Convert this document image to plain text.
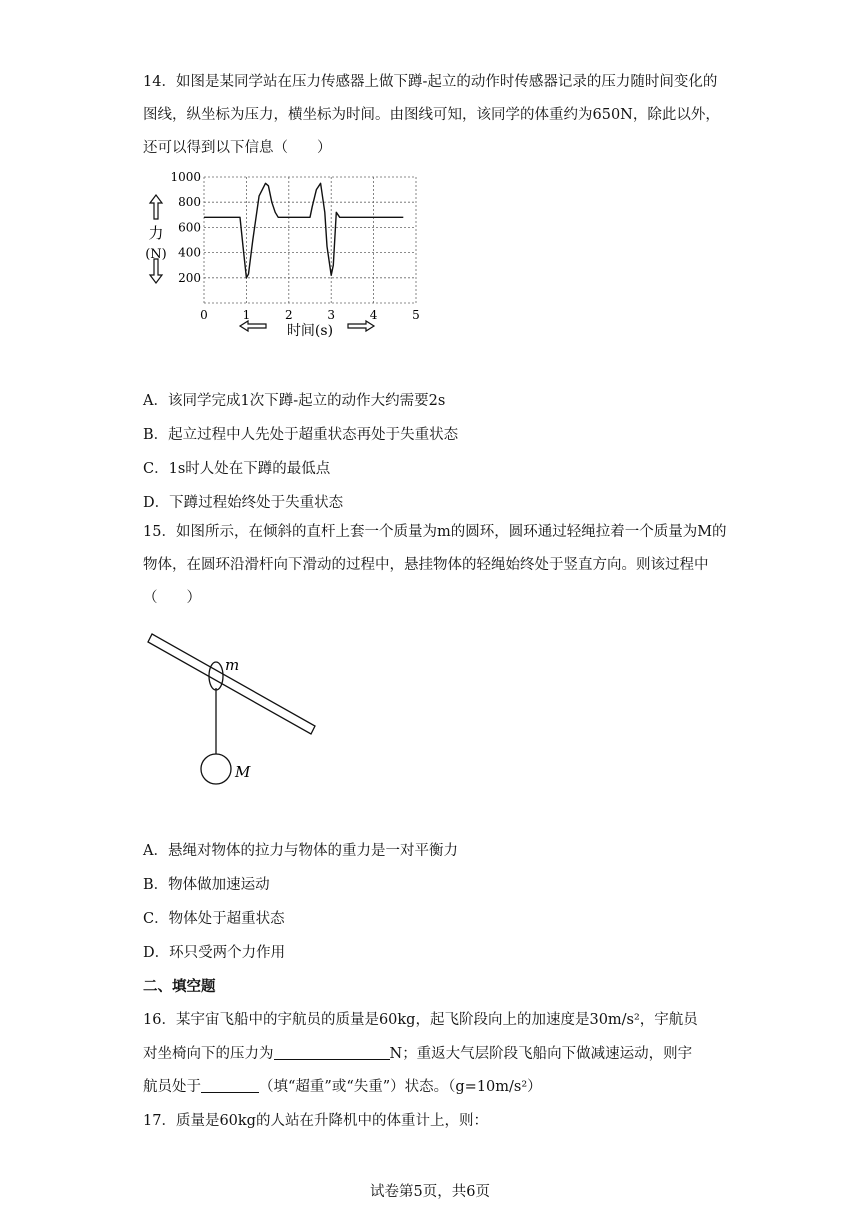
14．如图是某同学站在压力传感器上做下蹲-起立的动作时传感器记录的压力随时间变化的图线，纵坐标为压力，横坐标为时间。由图线可知，该同学的体重约为650N，除此以外，还可以得到以下信息（　　）
200
400
600
800
1000
0	1	2	3	4	5
力
(N)
时间(s)
A．该同学完成1次下蹲-起立的动作大约需要2s
B．起立过程中人先处于超重状态再处于失重状态
C．1s时人处在下蹲的最低点
D．下蹲过程始终处于失重状态
15．如图所示，在倾斜的直杆上套一个质量为m的圆环，圆环通过轻绳拉着一个质量为M的物体，在圆环沿滑杆向下滑动的过程中，悬挂物体的轻绳始终处于竖直方向。则该过程中（　　）
m
M
A．悬绳对物体的拉力与物体的重力是一对平衡力
B．物体做加速运动
C．物体处于超重状态
D．环只受两个力作用
二、填空题
16．某宇宙飞船中的宇航员的质量是60kg，起飞阶段向上的加速度是30m/s²，宇航员
对坐椅向下的压力为	N；重返大气层阶段飞船向下做减速运动，则宇
航员处于	（填“超重”或“失重”）状态。（g=10m/s²）
17．质量是60kg的人站在升降机中的体重计上，则：
试卷第5页，共6页
